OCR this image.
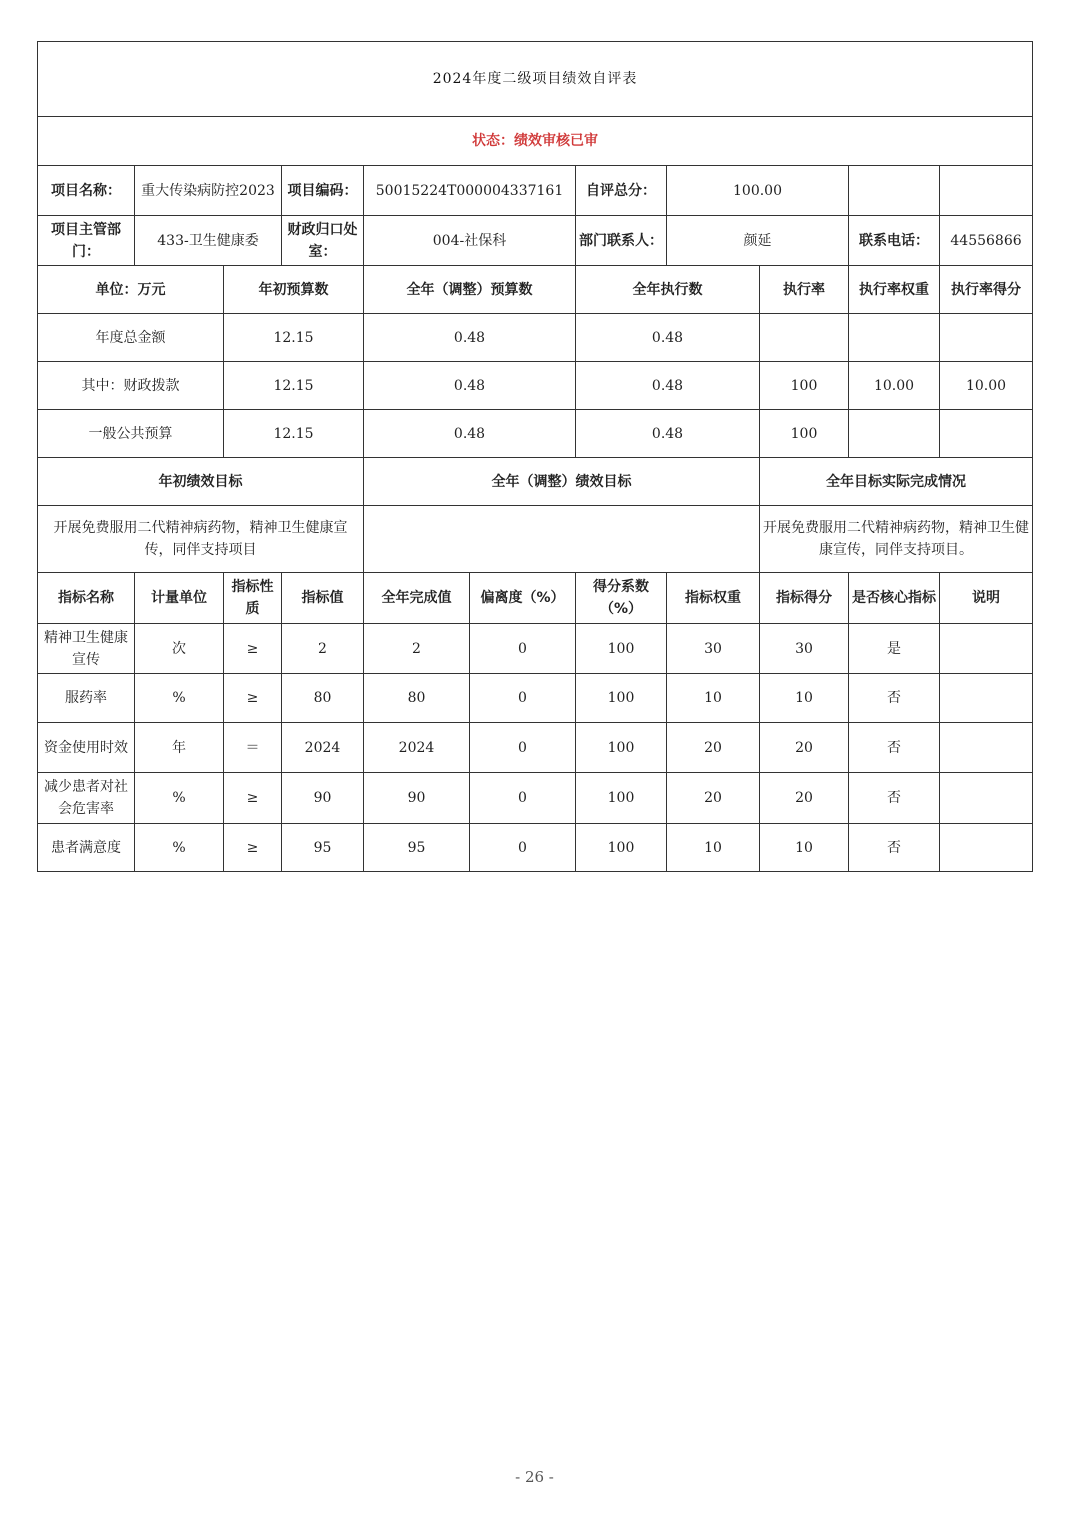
2024年度二级项目绩效自评表										
状态：绩效审核已审										
项目名称：	重大传染病防控2023		项目编码：	50015224T000004337161		自评总分：	100.00			
项目主管部门：	433-卫生健康委		财政归口处室：	004-社保科		部门联系人：	颜延		联系电话：	44556866
单位：万元		年初预算数		全年（调整）预算数		全年执行数		执行率	执行率权重	执行率得分
年度总金额		12.15		0.48		0.48				
其中：财政拨款		12.15		0.48		0.48		100	10.00	10.00
一般公共预算		12.15		0.48		0.48		100		
年初绩效目标				全年（调整）绩效目标				全年目标实际完成情况		
开展免费服用二代精神病药物，精神卫生健康宣传，同伴支持项目								开展免费服用二代精神病药物，精神卫生健康宣传，同伴支持项目。		
指标名称	计量单位	指标性质	指标值	全年完成值	偏离度（%）	得分系数（%）	指标权重	指标得分	是否核心指标	说明
精神卫生健康宣传	次	≥	2	2	0	100	30	30	是	
服药率	%	≥	80	80	0	100	10	10	否	
资金使用时效	年	＝	2024	2024	0	100	20	20	否	
减少患者对社会危害率	%	≥	90	90	0	100	20	20	否	
患者满意度	%	≥	95	95	0	100	10	10	否	
- 26 -
